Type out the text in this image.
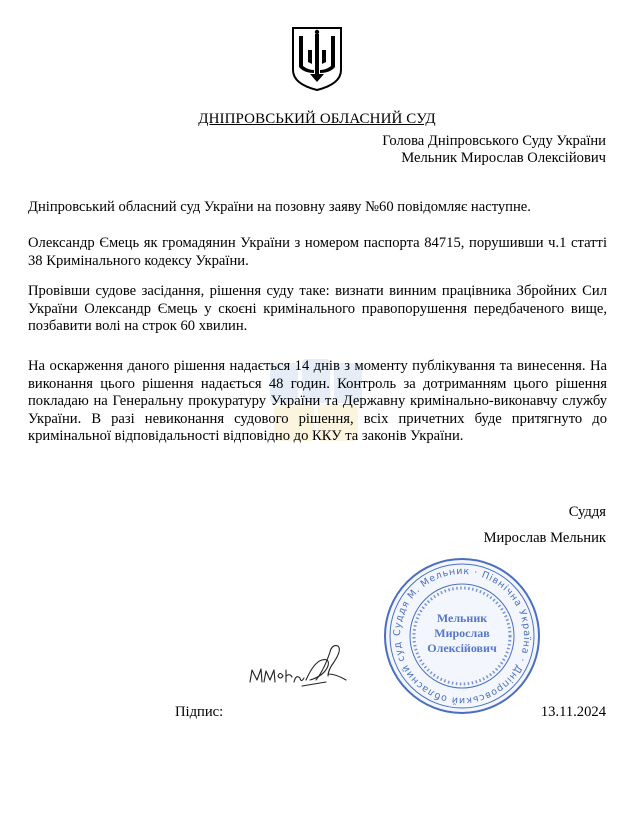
ДНІПРОВСЬКИЙ ОБЛАСНИЙ СУД
Голова Дніпровського Суду України
Мельник Мирослав Олексійович

Дніпровський обласний суд України на позовну заяву №60 повідомляє наступне.

Олександр Ємець як громадянин України з номером паспорта 84715, порушивши ч.1 статті 38 Кримінального кодексу України.

Провівши судове засідання, рішення суду таке: визнати винним працівника Збройних Сил України Олександр Ємець у скоєні кримінального правопорушення передбаченого вище, позбавити волі на строк 60 хвилин.

На оскарження даного рішення надається 14 днів з моменту публікування та винесення. На виконання цього рішення надається 48 годин. Контроль за дотриманням цього рішення покладаю на Генеральну прокуратуру України та Державну кримінально-виконавчу службу України. В разі невиконання судового рішення, всіх причетних буде притягнуто до кримінальної відповідальності відповідно до ККУ та законів України.

Суддя
Мирослав Мельник
Суддя М. Мельник · Північна Україна · Дніпровський обласний суд
Мельник
Мирослав
Олексійович
Підпис:	13.11.2024
